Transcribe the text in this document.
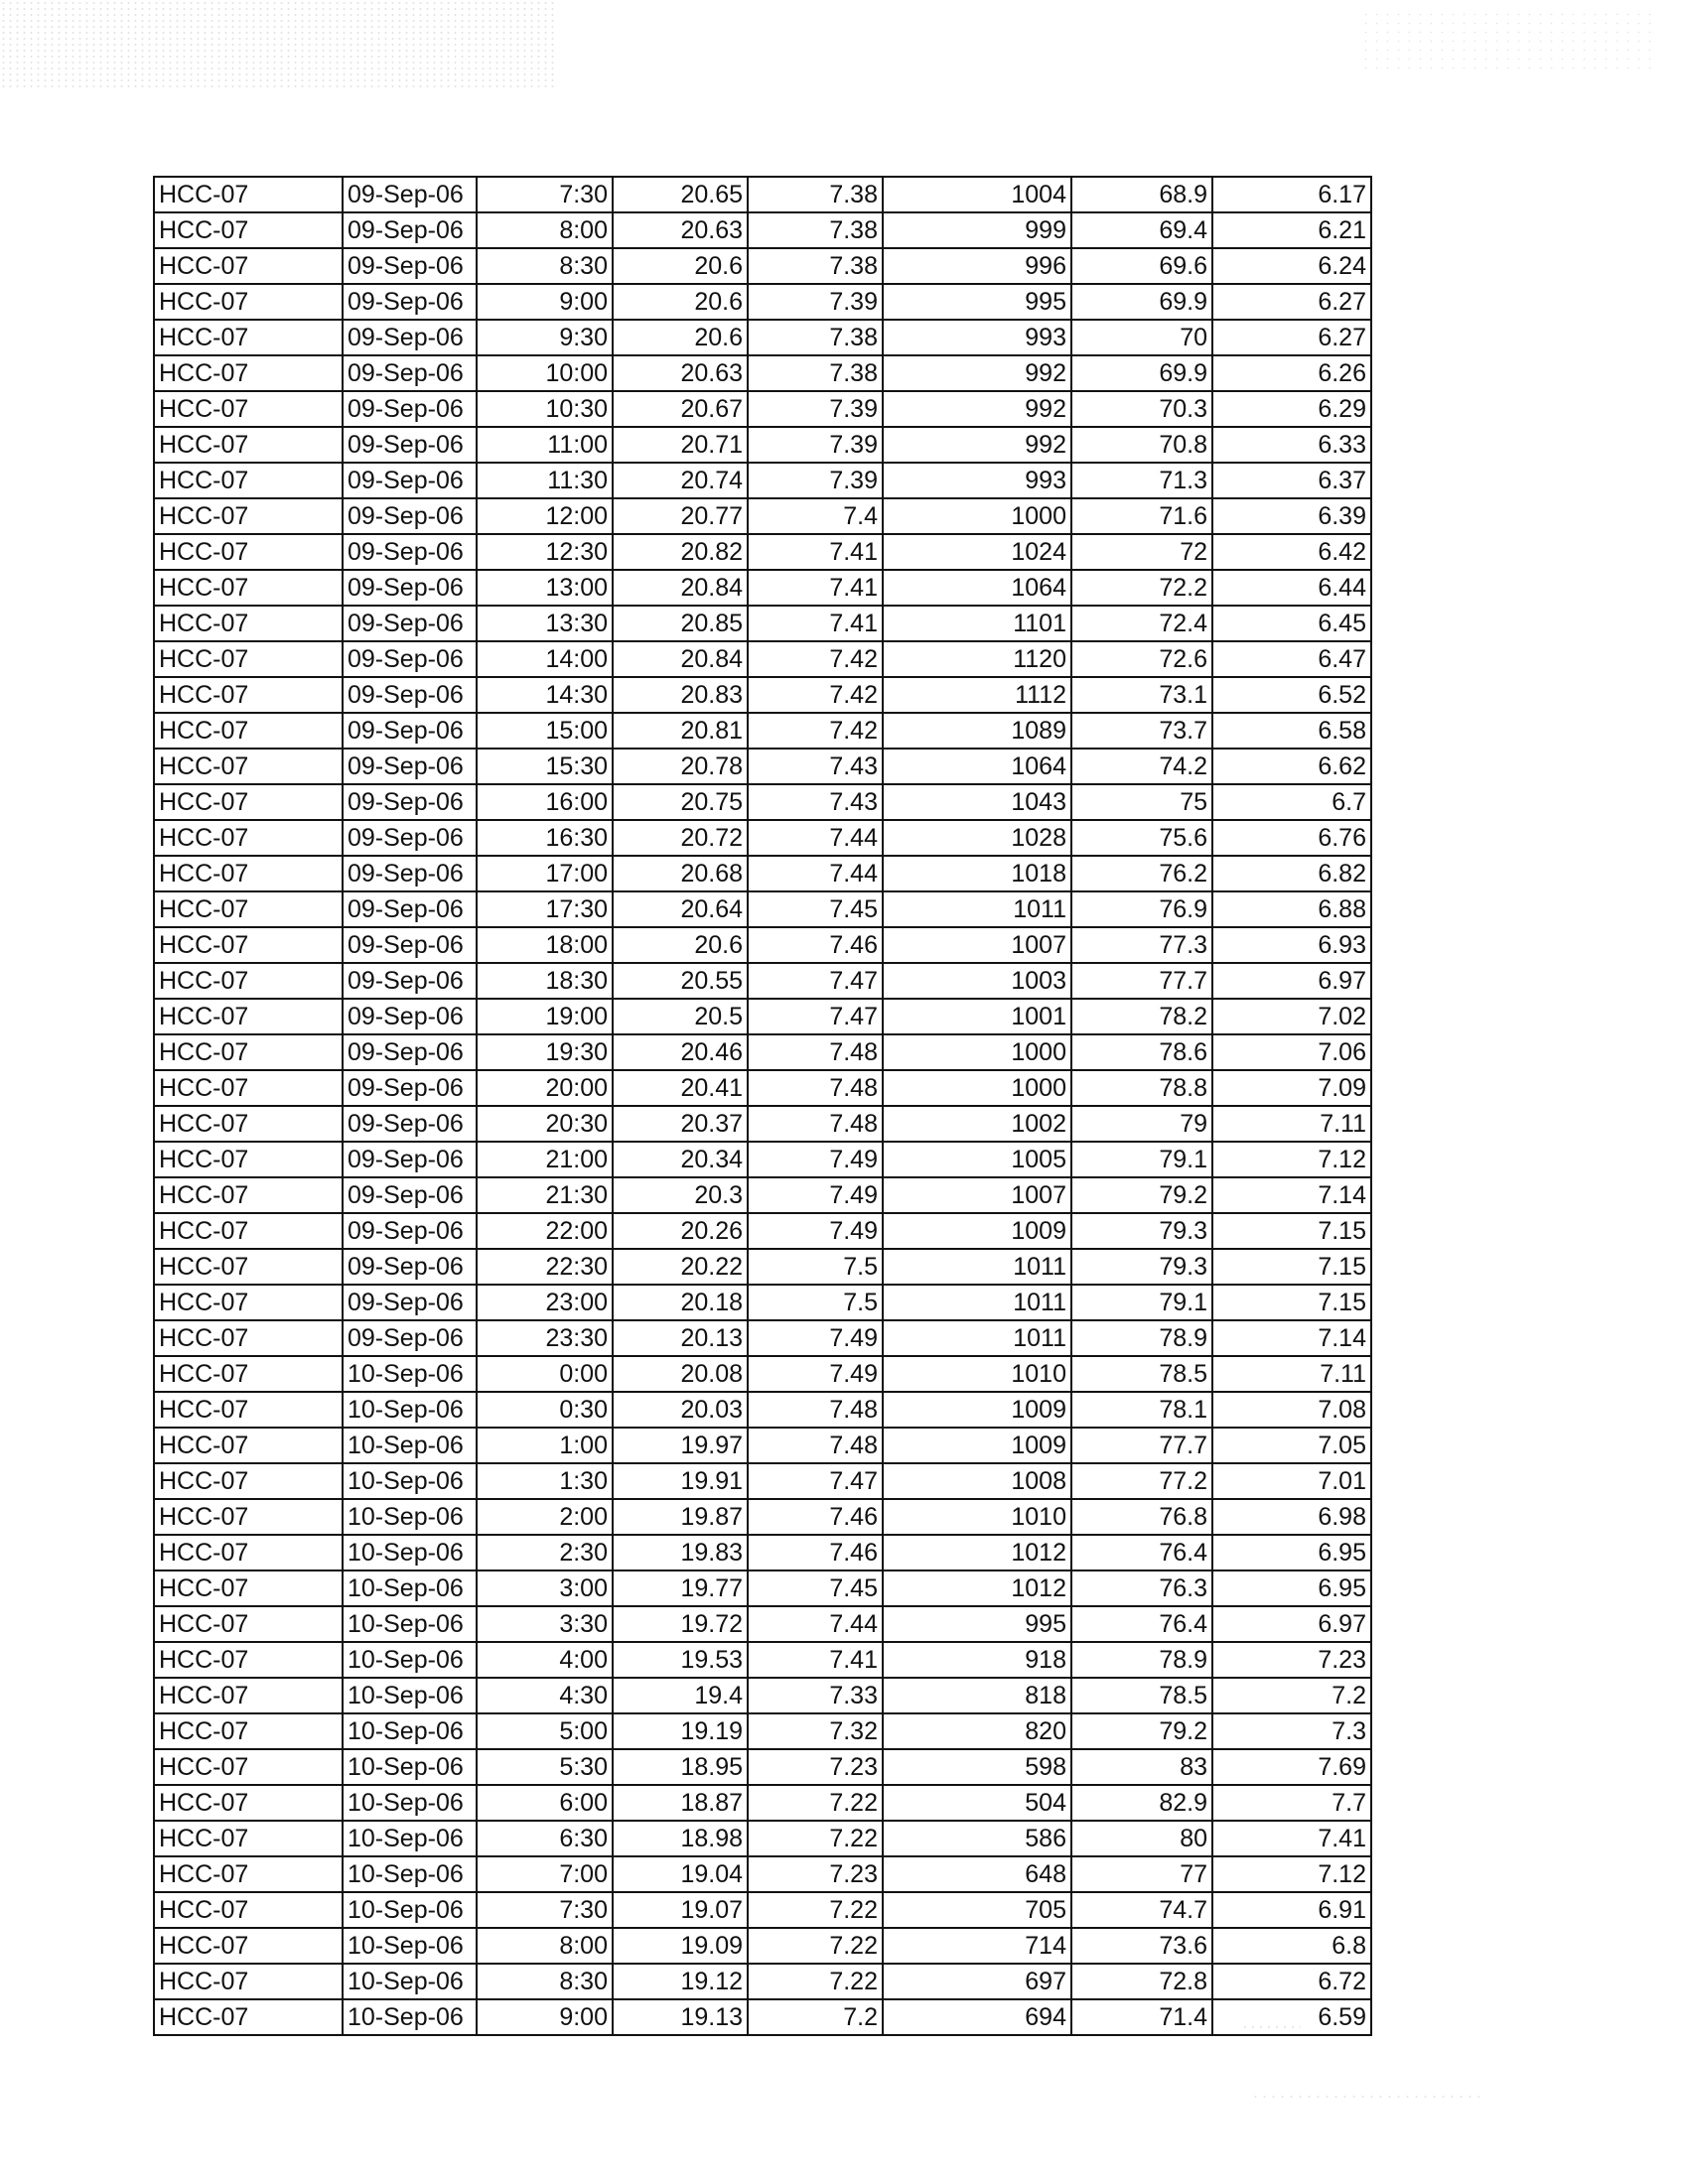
HCC-07	09-Sep-06	7:30	20.65	7.38	1004	68.9	6.17
HCC-07	09-Sep-06	8:00	20.63	7.38	999	69.4	6.21
HCC-07	09-Sep-06	8:30	20.6	7.38	996	69.6	6.24
HCC-07	09-Sep-06	9:00	20.6	7.39	995	69.9	6.27
HCC-07	09-Sep-06	9:30	20.6	7.38	993	70	6.27
HCC-07	09-Sep-06	10:00	20.63	7.38	992	69.9	6.26
HCC-07	09-Sep-06	10:30	20.67	7.39	992	70.3	6.29
HCC-07	09-Sep-06	11:00	20.71	7.39	992	70.8	6.33
HCC-07	09-Sep-06	11:30	20.74	7.39	993	71.3	6.37
HCC-07	09-Sep-06	12:00	20.77	7.4	1000	71.6	6.39
HCC-07	09-Sep-06	12:30	20.82	7.41	1024	72	6.42
HCC-07	09-Sep-06	13:00	20.84	7.41	1064	72.2	6.44
HCC-07	09-Sep-06	13:30	20.85	7.41	1101	72.4	6.45
HCC-07	09-Sep-06	14:00	20.84	7.42	1120	72.6	6.47
HCC-07	09-Sep-06	14:30	20.83	7.42	1112	73.1	6.52
HCC-07	09-Sep-06	15:00	20.81	7.42	1089	73.7	6.58
HCC-07	09-Sep-06	15:30	20.78	7.43	1064	74.2	6.62
HCC-07	09-Sep-06	16:00	20.75	7.43	1043	75	6.7
HCC-07	09-Sep-06	16:30	20.72	7.44	1028	75.6	6.76
HCC-07	09-Sep-06	17:00	20.68	7.44	1018	76.2	6.82
HCC-07	09-Sep-06	17:30	20.64	7.45	1011	76.9	6.88
HCC-07	09-Sep-06	18:00	20.6	7.46	1007	77.3	6.93
HCC-07	09-Sep-06	18:30	20.55	7.47	1003	77.7	6.97
HCC-07	09-Sep-06	19:00	20.5	7.47	1001	78.2	7.02
HCC-07	09-Sep-06	19:30	20.46	7.48	1000	78.6	7.06
HCC-07	09-Sep-06	20:00	20.41	7.48	1000	78.8	7.09
HCC-07	09-Sep-06	20:30	20.37	7.48	1002	79	7.11
HCC-07	09-Sep-06	21:00	20.34	7.49	1005	79.1	7.12
HCC-07	09-Sep-06	21:30	20.3	7.49	1007	79.2	7.14
HCC-07	09-Sep-06	22:00	20.26	7.49	1009	79.3	7.15
HCC-07	09-Sep-06	22:30	20.22	7.5	1011	79.3	7.15
HCC-07	09-Sep-06	23:00	20.18	7.5	1011	79.1	7.15
HCC-07	09-Sep-06	23:30	20.13	7.49	1011	78.9	7.14
HCC-07	10-Sep-06	0:00	20.08	7.49	1010	78.5	7.11
HCC-07	10-Sep-06	0:30	20.03	7.48	1009	78.1	7.08
HCC-07	10-Sep-06	1:00	19.97	7.48	1009	77.7	7.05
HCC-07	10-Sep-06	1:30	19.91	7.47	1008	77.2	7.01
HCC-07	10-Sep-06	2:00	19.87	7.46	1010	76.8	6.98
HCC-07	10-Sep-06	2:30	19.83	7.46	1012	76.4	6.95
HCC-07	10-Sep-06	3:00	19.77	7.45	1012	76.3	6.95
HCC-07	10-Sep-06	3:30	19.72	7.44	995	76.4	6.97
HCC-07	10-Sep-06	4:00	19.53	7.41	918	78.9	7.23
HCC-07	10-Sep-06	4:30	19.4	7.33	818	78.5	7.2
HCC-07	10-Sep-06	5:00	19.19	7.32	820	79.2	7.3
HCC-07	10-Sep-06	5:30	18.95	7.23	598	83	7.69
HCC-07	10-Sep-06	6:00	18.87	7.22	504	82.9	7.7
HCC-07	10-Sep-06	6:30	18.98	7.22	586	80	7.41
HCC-07	10-Sep-06	7:00	19.04	7.23	648	77	7.12
HCC-07	10-Sep-06	7:30	19.07	7.22	705	74.7	6.91
HCC-07	10-Sep-06	8:00	19.09	7.22	714	73.6	6.8
HCC-07	10-Sep-06	8:30	19.12	7.22	697	72.8	6.72
HCC-07	10-Sep-06	9:00	19.13	7.2	694	71.4	6.59
